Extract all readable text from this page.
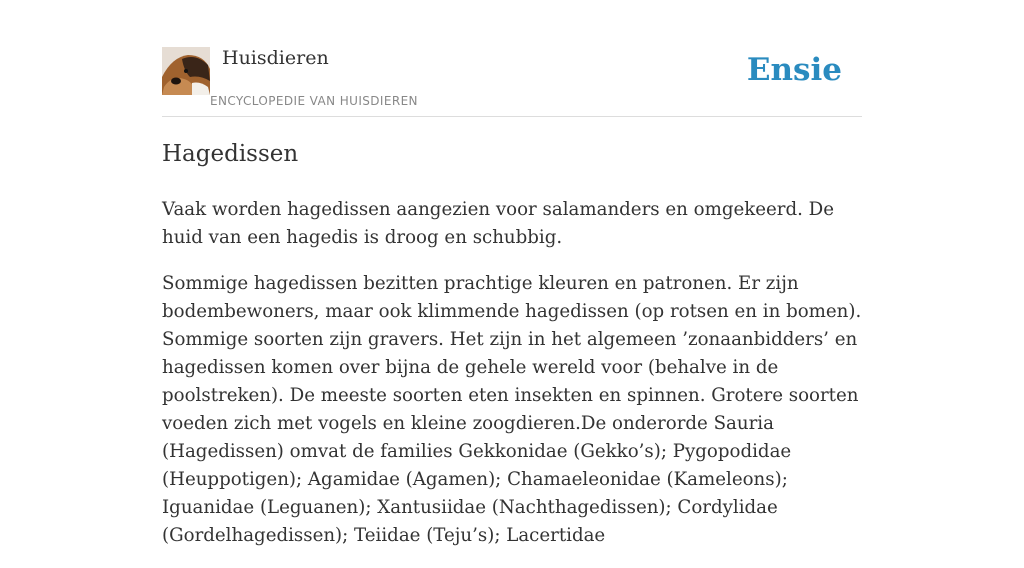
Huisdieren
ENCYCLOPEDIE VAN HUISDIEREN
Ensie
Hagedissen

Vaak worden hagedissen aangezien voor salamanders en omgekeerd. De huid van een hagedis is droog en schubbig.

Sommige hagedissen bezitten prachtige kleuren en patronen. Er zijn bodembewoners, maar ook klimmende hagedissen (op rotsen en in bomen). Sommige soorten zijn gravers. Het zijn in het algemeen ’zonaanbidders’ en hagedissen komen over bijna de gehele wereld voor (behalve in de poolstreken). De meeste soorten eten insekten en spinnen. Grotere soorten voeden zich met vogels en kleine zoogdieren.De onderorde Sauria (Hagedissen) omvat de families Gekkonidae (Gekko’s); Pygopodidae (Heuppotigen); Agamidae (Agamen); Chamaeleonidae (Kameleons); Iguanidae (Leguanen); Xantusiidae (Nachthagedissen); Cordylidae (Gordelhagedissen); Teiidae (Teju’s); Lacertidae
